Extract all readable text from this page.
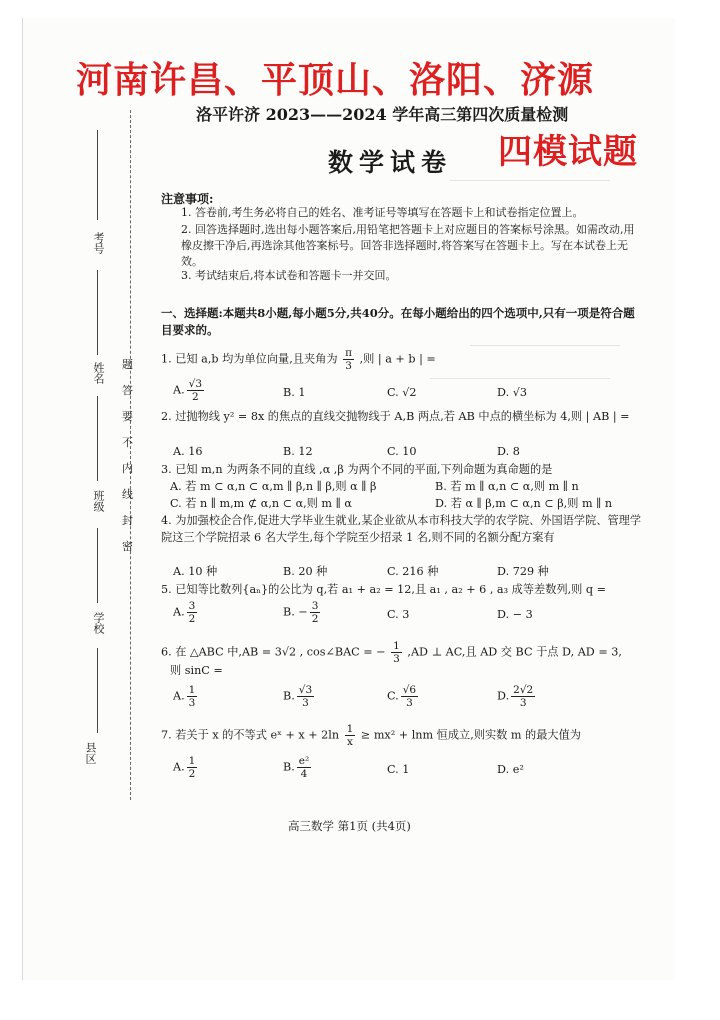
河南许昌、平顶山、洛阳、济源
四模试题
洛平许济 2023——2024 学年高三第四次质量检测
数学试卷
考号
姓名
班级
学校
县区
密
封
线
内
不
要
答
题
注意事项:
1. 答卷前,考生务必将自己的姓名、准考证号等填写在答题卡上和试卷指定位置上。
2. 回答选择题时,选出每小题答案后,用铅笔把答题卡上对应题目的答案标号涂黑。如需改动,用橡皮擦干净后,再选涂其他答案标号。回答非选择题时,将答案写在答题卡上。写在本试卷上无效。
3. 考试结束后,将本试卷和答题卡一并交回。
一、选择题:本题共8小题,每小题5分,共40分。在每小题给出的四个选项中,只有一项是符合题目要求的。
1. 已知 a,b 均为单位向量,且夹角为 $\frac{\pi}{3}$ ,则 | a + b | =
A. $\frac{√3}{2}$	B. 1	C. √2	D. √3
2. 过抛物线 y² = 8x 的焦点的直线交抛物线于 A,B 两点,若 AB 中点的横坐标为 4,则 | AB | =
A. 16	B. 12	C. 10	D. 8
3. 已知 m,n 为两条不同的直线 ,α ,β 为两个不同的平面,下列命题为真命题的是
A. 若 m ⊂ α,n ⊂ α,m ∥ β,n ∥ β,则 α ∥ β	B. 若 m ∥ α,n ⊂ α,则 m ∥ n
C. 若 n ∥ m,m ⊄ α,n ⊂ α,则 m ∥ α	D. 若 α ∥ β,m ⊂ α,n ⊂ β,则 m ∥ n
4. 为加强校企合作,促进大学毕业生就业,某企业欲从本市科技大学的农学院、外国语学院、管理学院这三个学院招录 6 名大学生,每个学院至少招录 1 名,则不同的名额分配方案有
A. 10 种	B. 20 种	C. 216 种	D. 729 种
5. 已知等比数列{aₙ}的公比为 q,若 a₁ + a₂ = 12,且 a₁ , a₂ + 6 , a₃ 成等差数列,则 q =
A. $\frac{3}{2}$	B. − $\frac{3}{2}$	C. 3	D. − 3
6. 在 △ABC 中,AB = 3√2 , cos∠BAC = − $\frac{1}{3} ,AD$ ⊥ AC,且 AD 交 BC 于点 D, AD = 3,
则 sinC =
A. $\frac{1}{3}$	B. $\frac{√3}{3}$	C. $\frac{√6}{3}$	D. $\frac{2√2}{3}$
7. 若关于 x 的不等式 eˣ + $x + 2\ln \frac{1}{x} \ge mx^2 + \ln m$ 恒成立,则实数 m 的最大值为
A. $\frac{1}{2}$	B. $\frac{\text{e²}}{4}$	C. 1	D. e²
高三数学 第1页 (共4页)
